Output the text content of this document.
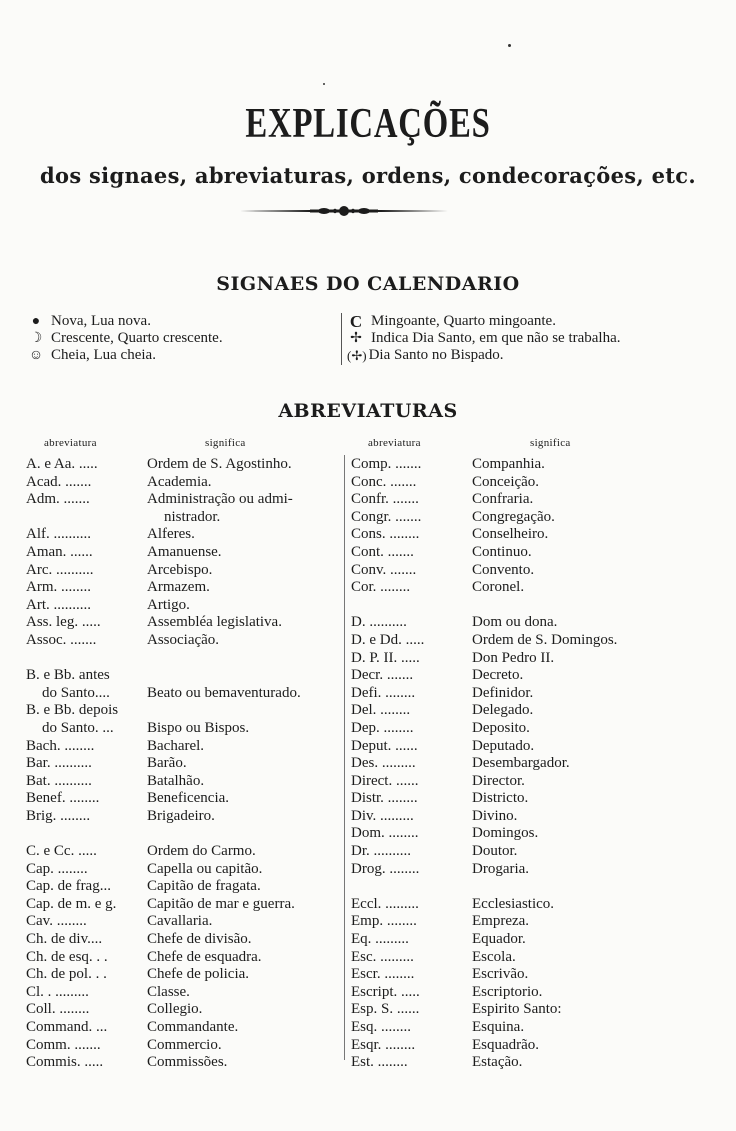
EXPLICAÇÕES
dos signaes, abreviaturas, ordens, condecorações, etc.
SIGNAES DO CALENDARIO
● Nova, Lua nova.
☽ Crescente, Quarto crescente.
☺ Cheia, Lua cheia.
C Mingoante, Quarto mingoante.
✢ Indica Dia Santo, em que não se trabalha.
(✢) Dia Santo no Bispado.
ABREVIATURAS
abreviatura	significa	abreviatura	significa
A. e Aa. .....	Ordem de S. Agostinho.
Acad. .......	Academia.
Adm. .......	Administração ou admi-
nistrador.
Alf. ..........	Alferes.
Aman. ......	Amanuense.
Arc. ..........	Arcebispo.
Arm. ........	Armazem.
Art. ..........	Artigo.
Ass. leg. .....	Assembléa legislativa.
Assoc. .......	Associação.
B. e Bb. antes
do Santo....	Beato ou bemaventurado.
B. e Bb. depois
do Santo. ...	Bispo ou Bispos.
Bach. ........	Bacharel.
Bar. ..........	Barão.
Bat. ..........	Batalhão.
Benef. ........	Beneficencia.
Brig. ........	Brigadeiro.
C. e Cc. .....	Ordem do Carmo.
Cap. ........	Capella ou capitão.
Cap. de frag...	Capitão de fragata.
Cap. de m. e g.	Capitão de mar e guerra.
Cav. ........	Cavallaria.
Ch. de div....	Chefe de divisão.
Ch. de esq. . .	Chefe de esquadra.
Ch. de pol. . .	Chefe de policia.
Cl. . .........	Classe.
Coll. ........	Collegio.
Command. ...	Commandante.
Comm. .......	Commercio.
Commis. .....	Commissões.
Comp. .......	Companhia.
Conc. .......	Conceição.
Confr. .......	Confraria.
Congr. .......	Congregação.
Cons. ........	Conselheiro.
Cont. .......	Continuo.
Conv. .......	Convento.
Cor. ........	Coronel.
D. ..........	Dom ou dona.
D. e Dd. .....	Ordem de S. Domingos.
D. P. II. .....	Don Pedro II.
Decr. .......	Decreto.
Defi. ........	Definidor.
Del. ........	Delegado.
Dep. ........	Deposito.
Deput. ......	Deputado.
Des. .........	Desembargador.
Direct. ......	Director.
Distr. ........	Districto.
Div. .........	Divino.
Dom. ........	Domingos.
Dr. ..........	Doutor.
Drog. ........	Drogaria.
Eccl. .........	Ecclesiastico.
Emp. ........	Empreza.
Eq. .........	Equador.
Esc. .........	Escola.
Escr. ........	Escrivão.
Escript. .....	Escriptorio.
Esp. S. ......	Espirito Santo:
Esq. ........	Esquina.
Esqr. ........	Esquadrão.
Est. ........	Estação.
